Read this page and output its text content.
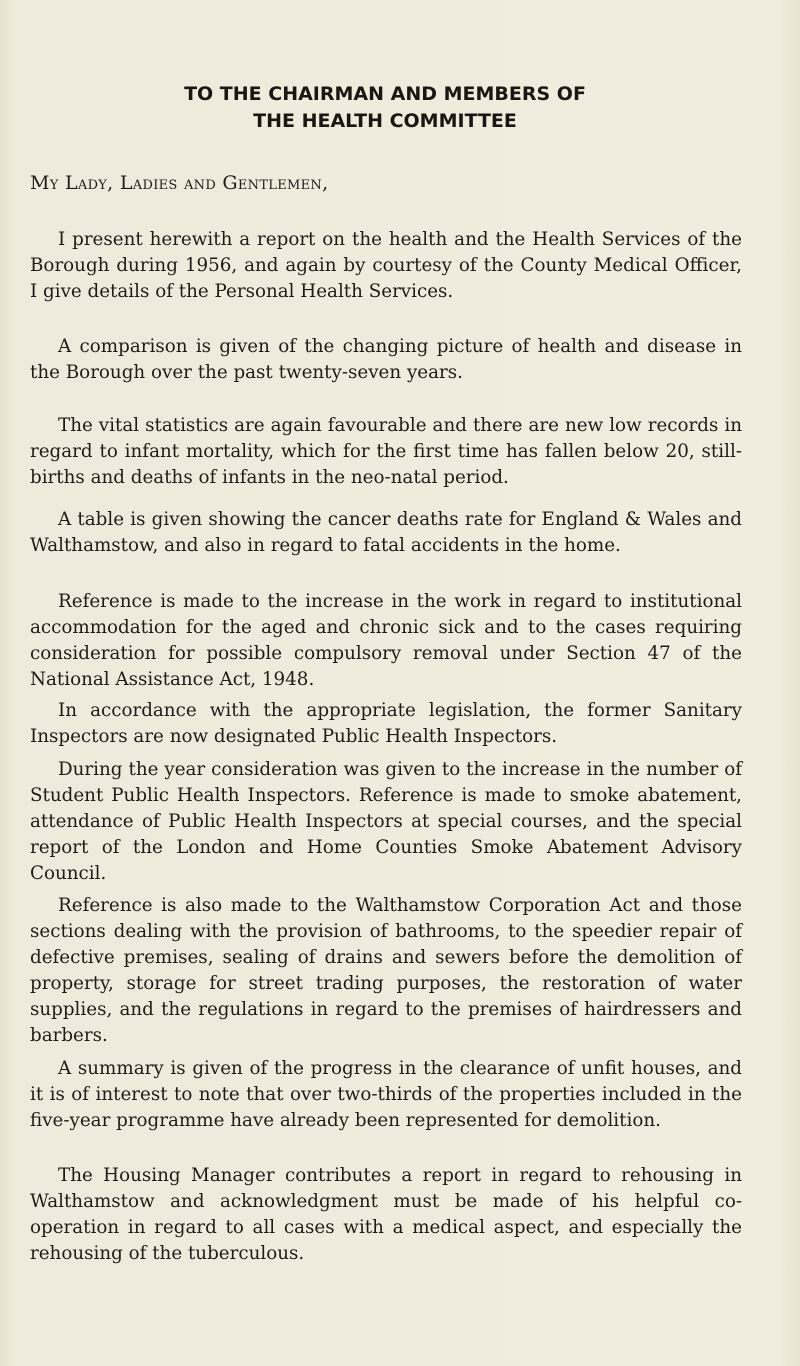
TO THE CHAIRMAN AND MEMBERS OF
THE HEALTH COMMITTEE
My Lady, Ladies and Gentlemen,

I present herewith a report on the health and the Health Services of the Borough during 1956, and again by courtesy of the County Medical Officer, I give details of the Personal Health Services.

A comparison is given of the changing picture of health and disease in the Borough over the past twenty-seven years.

The vital statistics are again favourable and there are new low records in regard to infant mortality, which for the first time has fallen below 20, still-births and deaths of infants in the neo-natal period.

A table is given showing the cancer deaths rate for England & Wales and Walthamstow, and also in regard to fatal accidents in the home.

Reference is made to the increase in the work in regard to institutional accommodation for the aged and chronic sick and to the cases requiring consideration for possible compulsory removal under Section 47 of the National Assistance Act, 1948.

In accordance with the appropriate legislation, the former Sanitary Inspectors are now designated Public Health Inspectors.

During the year consideration was given to the increase in the number of Student Public Health Inspectors. Reference is made to smoke abatement, attendance of Public Health Inspectors at special courses, and the special report of the London and Home Counties Smoke Abatement Advisory Council.

Reference is also made to the Walthamstow Corporation Act and those sections dealing with the provision of bathrooms, to the speedier repair of defective premises, sealing of drains and sewers before the demolition of property, storage for street trading purposes, the restoration of water supplies, and the regulations in regard to the premises of hairdressers and barbers.

A summary is given of the progress in the clearance of unfit houses, and it is of interest to note that over two-thirds of the properties included in the five-year programme have already been represented for demolition.

The Housing Manager contributes a report in regard to rehousing in Walthamstow and acknowledgment must be made of his helpful co-operation in regard to all cases with a medical aspect, and especially the rehousing of the tuberculous.
